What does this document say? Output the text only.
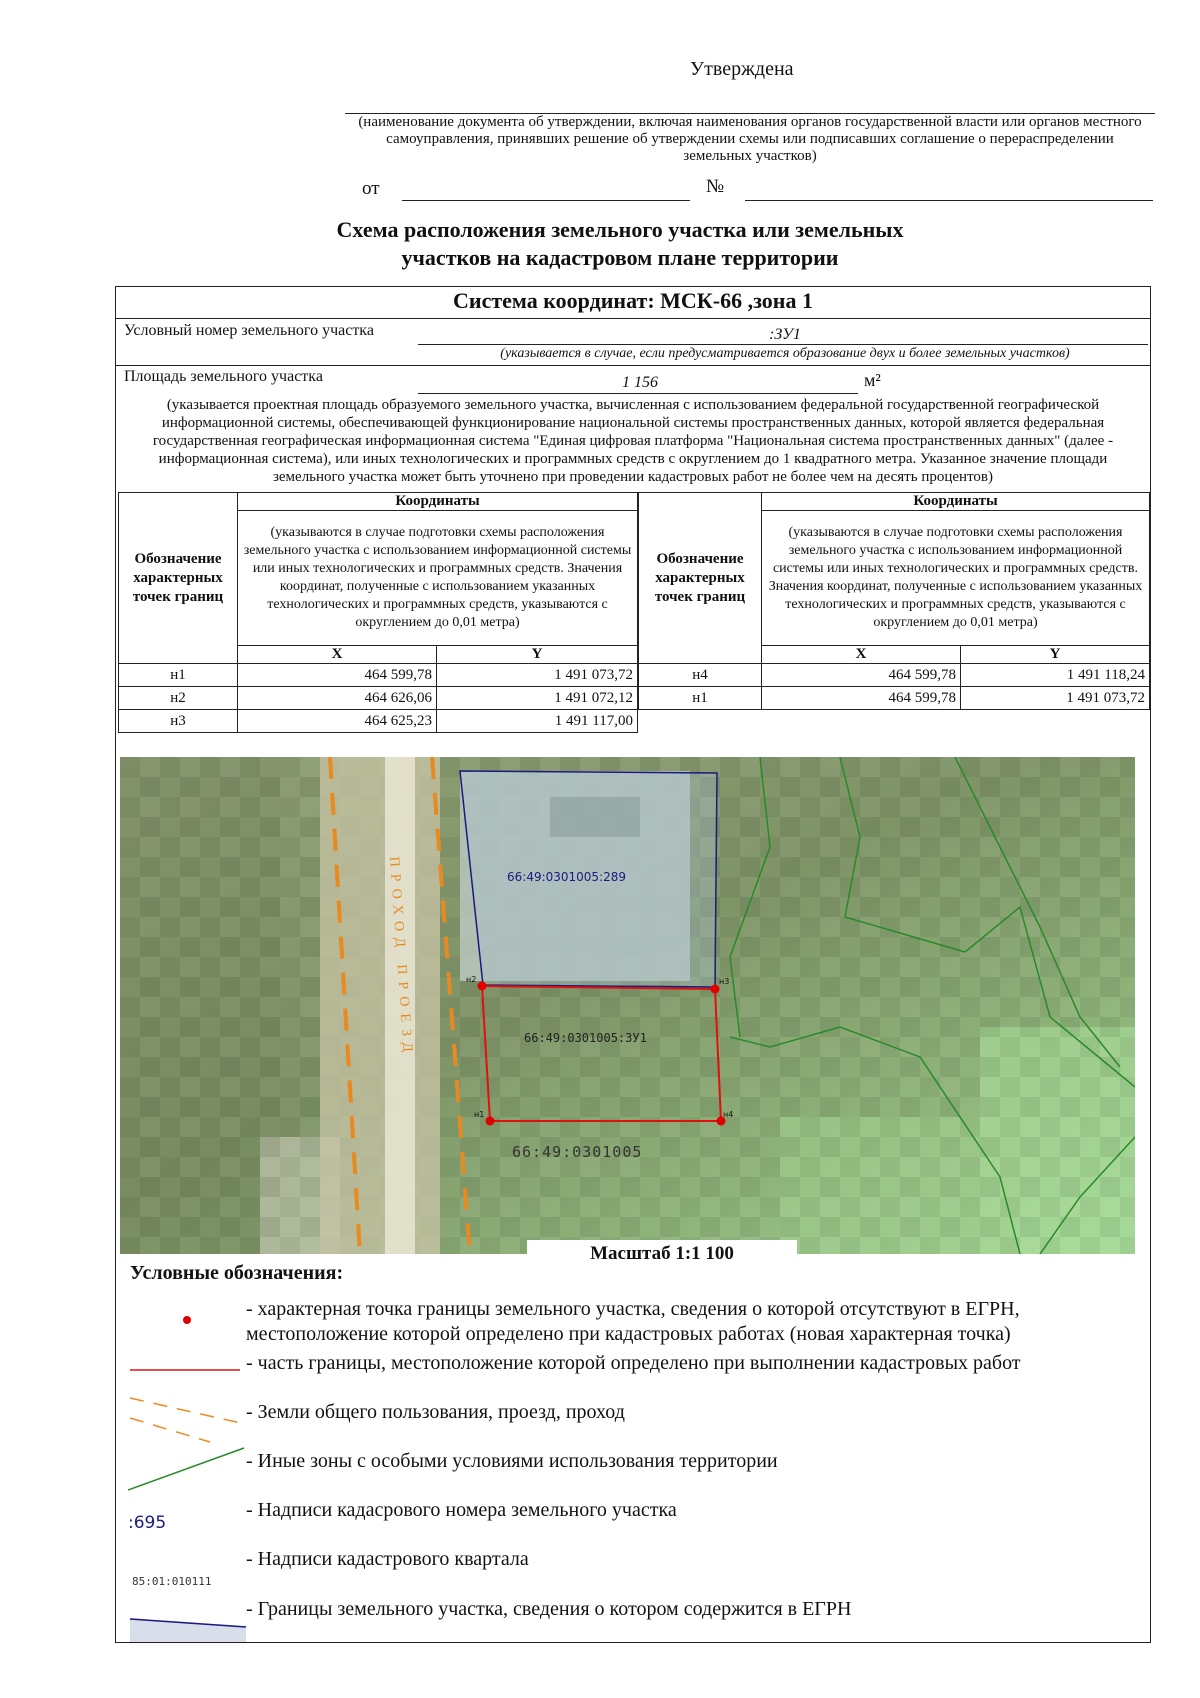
Утверждена
(наименование документа об утверждении, включая наименования органов государственной власти или органов местного самоуправления, принявших решение об утверждении схемы или подписавших соглашение о перераспределении земельных участков)
от	№
Схема расположения земельного участка или земельных
участков на кадастровом плане территории
Система координат: МСК-66 ,зона 1
Условный номер земельного участка	:ЗУ1
(указывается в случае, если предусматривается образование двух и более земельных участков)
Площадь земельного участка	1 156	м²
(указывается проектная площадь образуемого земельного участка, вычисленная с использованием федеральной государственной географической информационной системы, обеспечивающей функционирование национальной системы пространственных данных, которой является федеральная государственная географическая информационная система "Единая цифровая платформа "Национальная система пространственных данных" (далее - информационная система), или иных технологических и программных средств с округлением до 1 квадратного метра. Указанное значение площади земельного участка может быть уточнено при проведении кадастровых работ не более чем на десять процентов)
Обозначение характерных точек границ	Координаты	
	(указываются в случае подготовки схемы расположения земельного участка с использованием информационной системы или иных технологических и программных средств. Значения координат, полученные с использованием указанных технологических и программных средств, указываются с округлением до 0,01 метра)	
	X	Y
н1	464 599,78	1 491 073,72
н2	464 626,06	1 491 072,12
н3	464 625,23	1 491 117,00
Обозначение характерных точек границ	Координаты	
	(указываются в случае подготовки схемы расположения земельного участка с использованием информационной системы или иных технологических и программных средств. Значения координат, полученные с использованием указанных технологических и программных средств, указываются с округлением до 0,01 метра)	
	X	Y
н4	464 599,78	1 491 118,24
н1	464 599,78	1 491 073,72
н2	н3
н1	н4
66:49:0301005:289
66:49:0301005:ЗУ1
66:49:0301005
ПРОХОД ПРОЕЗД
Масштаб 1:1 100
Условные обозначения:
- характерная точка границы земельного участка, сведения о которой отсутствуют в ЕГРН, местоположение которой определено при кадастровых работах (новая характерная точка)
- часть границы, местоположение которой определено при выполнении кадастровых работ
- Земли общего пользования, проезд, проход
- Иные зоны с особыми условиями использования территории
:695
- Надписи кадасрового номера земельного участка
85:01:010111
- Надписи кадастрового квартала
- Границы земельного участка, сведения о котором содержится в ЕГРН
